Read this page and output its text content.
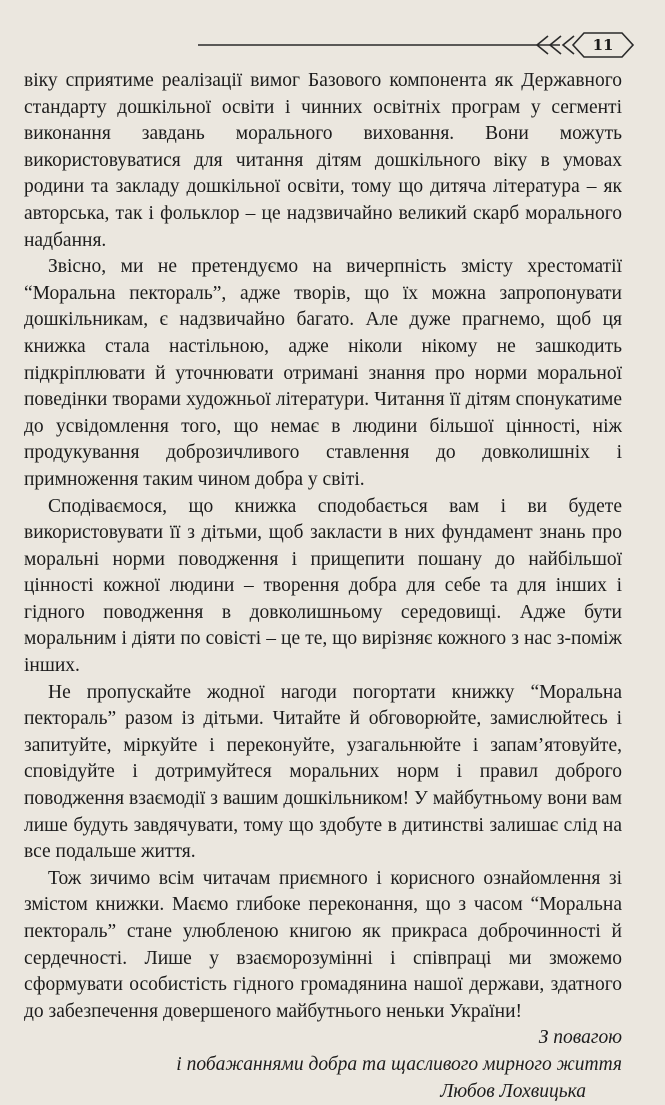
11

віку сприятиме реалізації вимог Базового компонента як Державного стандарту дошкільної освіти і чинних освітніх програм у сегменті виконання завдань морального виховання. Вони можуть використовуватися для читання дітям дошкільного віку в умовах родини та закладу дошкільної освіти, тому що дитяча література – як авторська, так і фольклор – це надзвичайно великий скарб морального надбання.

Звісно, ми не претендуємо на вичерпність змісту хрестоматії “Моральна пектораль”, адже творів, що їх можна запропонувати дошкільникам, є надзвичайно багато. Але дуже прагнемо, щоб ця книжка стала настільною, адже ніколи нікому не зашкодить підкріплювати й уточнювати отримані знання про норми моральної поведінки творами художньої літератури. Читання її дітям спонукатиме до усвідомлення того, що немає в людини більшої цінності, ніж продукування доброзичливого ставлення до довколишніх і примноження таким чином добра у світі.

Сподіваємося, що книжка сподобається вам і ви будете використовувати її з дітьми, щоб закласти в них фундамент знань про моральні норми поводження і прищепити пошану до найбільшої цінності кожної людини – творення добра для себе та для інших і гідного поводження в довколишньому середовищі. Адже бути моральним і діяти по совісті – це те, що вирізняє кожного з нас з-поміж інших.

Не пропускайте жодної нагоди погортати книжку “Моральна пектораль” разом із дітьми. Читайте й обговорюйте, замислюйтесь і запитуйте, міркуйте і переконуйте, узагальнюйте і запам’ятовуйте, сповідуйте і дотримуйтеся моральних норм і правил доброго поводження взаємодії з вашим дошкільником! У майбутньому вони вам лише будуть завдячувати, тому що здобуте в дитинстві залишає слід на все подальше життя.

Тож зичимо всім читачам приємного і корисного ознайомлення зі змістом книжки. Маємо глибоке переконання, що з часом “Моральна пектораль” стане улюбленою книгою як прикраса доброчинності й сердечності. Лише у взаєморозумінні і співпраці ми зможемо сформувати особистість гідного громадянина нашої держави, здатного до забезпечення довершеного майбутнього неньки України!

З повагою
і побажаннями добра та щасливого мирного життя
Любов Лохвицька
